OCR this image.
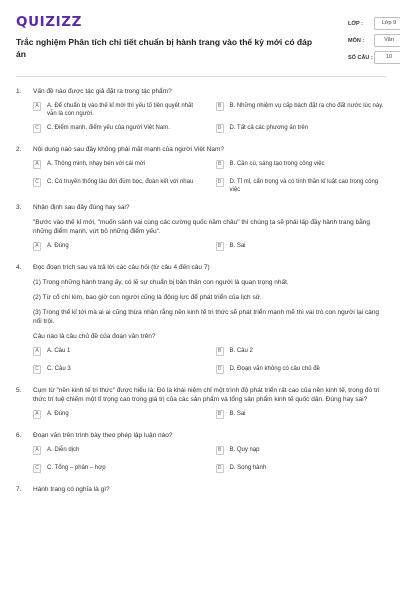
QUIZIZZ
Trắc nghiệm Phân tích chi tiết chuẩn bị hành trang vào thế kỷ mới có đáp án
LỚP :	Lớp 9
MÔN :	Văn
SỐ CÂU :	10
1.	Vấn đề nào được tác giả đặt ra trong tác phẩm?
A	A. Để chuẩn bị vào thế kỉ mới thì yếu tố tiên quyết nhất vẫn là con người.
B	B. Những nhiệm vụ cấp bách đặt ra cho đất nước lúc này.
C	C. Điểm mạnh, điểm yếu của người Việt Nam.	D	D. Tất cả các phương án trên
2.	Nội dung nào sau đây không phải mặt mạnh của người Việt Nam?
A	A. Thông minh, nhạy bén với cái mới	B	B. Cần cù, sáng tạo trong công việc
C	C. Có truyền thống lâu đời đùm bọc, đoàn kết với nhau	D	D. Tỉ mỉ, cẩn trọng và có tính thần kỉ luật cao trong công việc
3.	Nhận định sau đây đúng hay sai?
"Bước vào thế kỉ mới, "muốn sánh vai cùng các cường quốc năm châu" thì chúng ta sẽ phải lấp đầy hành trang bằng những điểm mạnh, vứt bỏ những điểm yếu".
A	A. Đúng	B	B. Sai
4.	Đọc đoạn trích sau và trả lời các câu hỏi (từ câu 4 đến câu 7)
(1) Trong những hành trang ấy, có lẽ sự chuẩn bị bản thân con người là quan trọng nhất.
(2) Từ cổ chí kim, bao giờ con người cũng là động lực để phát triển của lịch sử.
(3) Trong thế kỉ tới mà ai ai cũng thừa nhận rằng nền kinh tế tri thức sẽ phát triển mạnh mẽ thì vai trò con người lại càng nổi trội.
Câu nào là câu chủ đề của đoạn văn trên?
A	A. Câu 1	B	B. Câu 2
C	C. Câu 3	D	D. Đoạn văn không có câu chủ đề
5.	Cụm từ "nền kinh tế tri thức" được hiểu là: Đó là khái niệm chỉ một trình độ phát triển rất cao của nền kinh tế, trong đó trí thức trí tuệ chiếm một tỉ trọng cao trong giá trị của các sản phẩm và tổng sản phẩm kinh tế quốc dân. Đúng hay sai?
A	A. Đúng	B	B. Sai
6.	Đoạn văn trên trình bày theo phép lập luận nào?
A	A. Diễn dịch	B	B. Quy nạp
C	C. Tổng – phân – hợp	D	D. Song hành
7.	Hành trang có nghĩa là gì?
